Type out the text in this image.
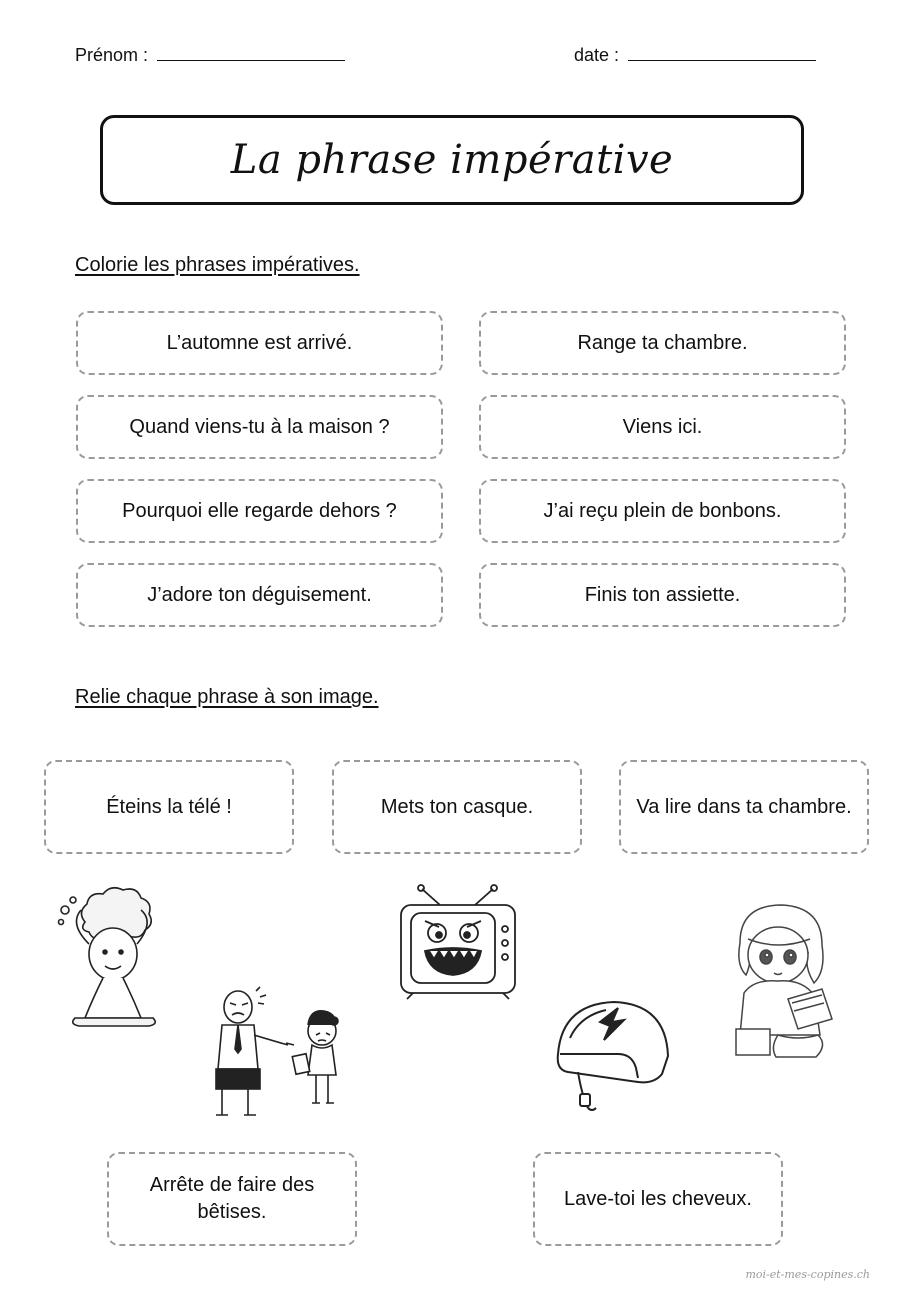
Prénom :	date :
La phrase impérative
Colorie les phrases impératives.
L’automne est arrivé.	Range ta chambre.
Quand viens-tu à la maison ?	Viens ici.
Pourquoi elle regarde dehors ?	J’ai reçu plein de bonbons.
J’adore ton déguisement.	Finis ton assiette.
Relie chaque phrase à son image.
Éteins la télé !	Mets ton casque.	Va lire dans ta chambre.
Arrête de faire des bêtises.
Lave-toi les cheveux.
moi-et-mes-copines.ch
